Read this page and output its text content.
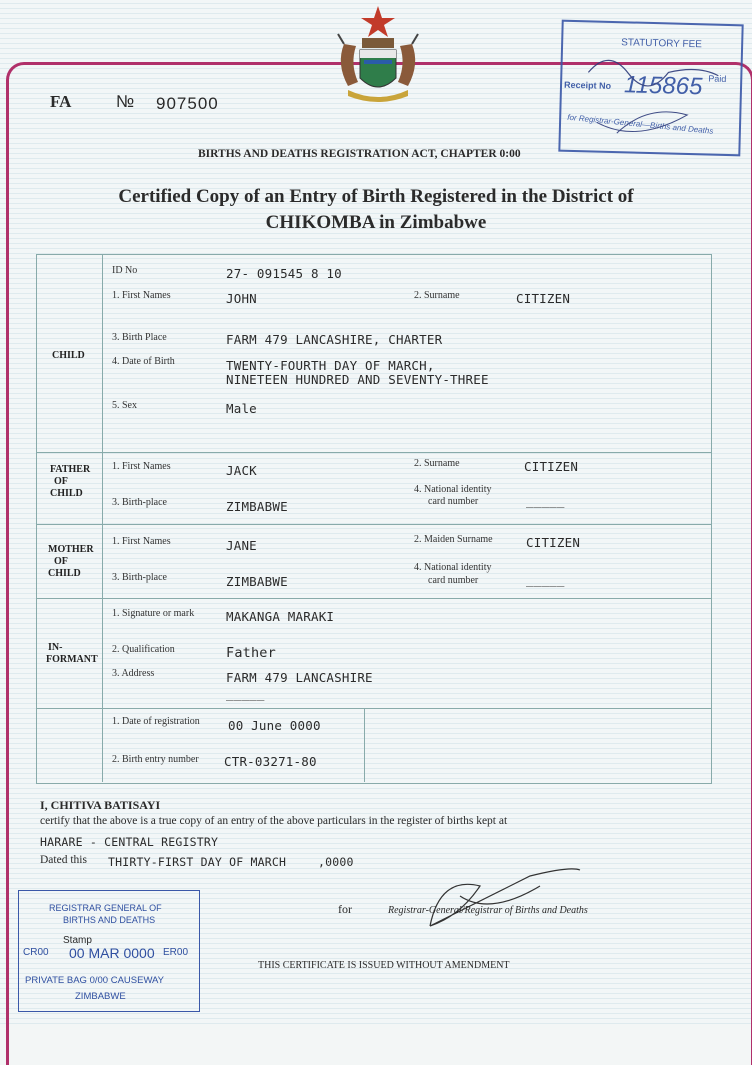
STATUTORY FEE
Paid
Receipt No 115865
for Registrar-General—Births and Deaths
FA	№ 907500
BIRTHS AND DEATHS REGISTRATION ACT, CHAPTER 0:00
Certified Copy of an Entry of Birth Registered in the District of
CHIKOMBA in Zimbabwe
CHILD
ID No	27- 091545 8 10
1. First Names	JOHN	2. Surname	CITIZEN
3. Birth Place	FARM 479 LANCASHIRE, CHARTER
4. Date of Birth	TWENTY-FOURTH DAY OF MARCH,
NINETEEN HUNDRED AND SEVENTY-THREE
5. Sex	Male
FATHER
OF
CHILD
1. First Names	JACK	2. Surname	CITIZEN
3. Birth-place	ZIMBABWE
4. National identity
card number	_____
MOTHER
OF
CHILD
1. First Names	JANE	2. Maiden Surname	CITIZEN
3. Birth-place	ZIMBABWE
4. National identity
card number	_____
IN-
FORMANT
1. Signature or mark	MAKANGA MARAKI
2. Qualification	Father
3. Address	FARM 479 LANCASHIRE
_____
1. Date of registration 00 June 0000
2. Birth entry number CTR-03271-80
I, CHITIVA BATISAYI
certify that the above is a true copy of an entry of the above particulars in the register of births kept at
HARARE - CENTRAL REGISTRY
Dated this THIRTY-FIRST DAY OF MARCH	,0000
for	Registrar-General/Registrar of Births and Deaths
THIS CERTIFICATE IS ISSUED WITHOUT AMENDMENT
REGISTRAR GENERAL OF
BIRTHS AND DEATHS
Stamp
CR00 00 MAR 0000 ER00
PRIVATE BAG 0/00 CAUSEWAY
ZIMBABWE
